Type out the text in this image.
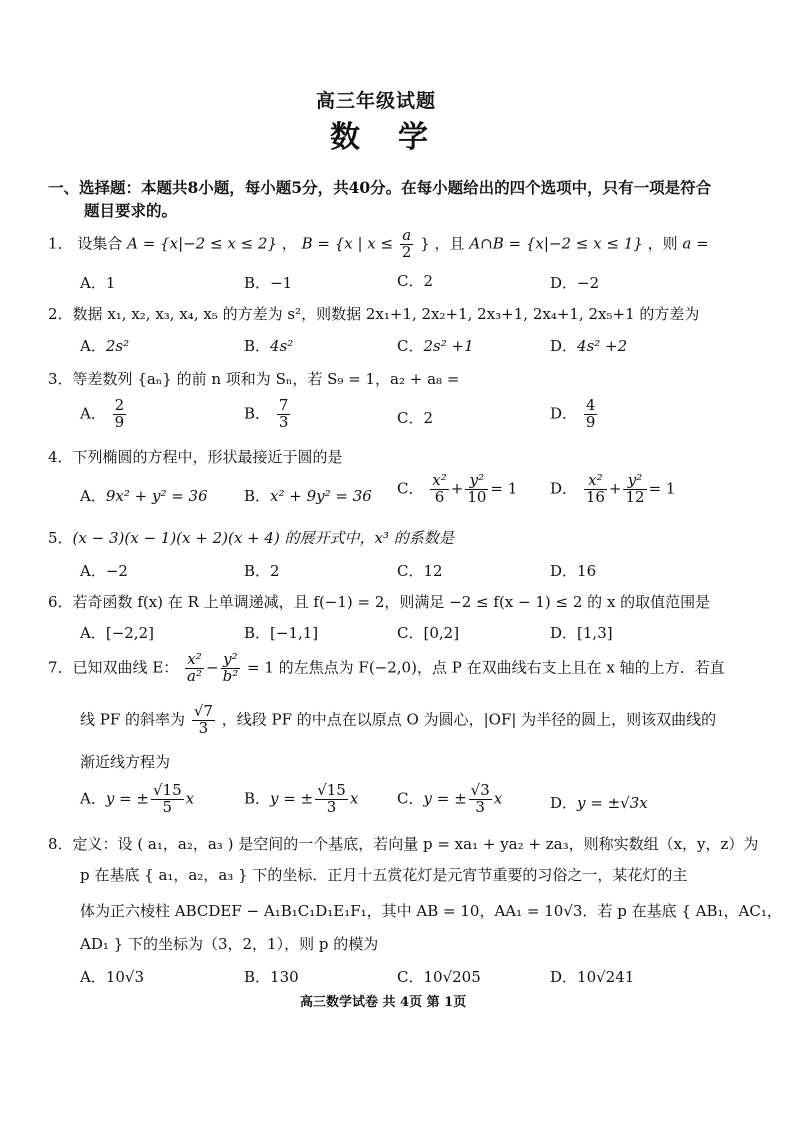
高三年级试题
数　学
一、选择题：本题共8小题，每小题5分，共40分。在每小题给出的四个选项中，只有一项是符合
题目要求的。
1． 设集合 A = {x|−2 ≤ x ≤ 2} ， B = {x | $x \le \frac{a}{2}$ } ，且 A∩B = {x|−2 ≤ x ≤ 1} ，则 a =
A．1	B．−1	C．2	D．−2
2．数据 x₁, x₂, x₃, x₄, x₅ 的方差为 s²，则数据 2x₁+1, 2x₂+1, 2x₃+1, 2x₄+1, 2x₅+1 的方差为
A．2s²	B．4s²	C．2s² +1	D．4s² +2
3．等差数列 {aₙ} 的前 n 项和为 Sₙ，若 S₉ = 1，a₂ + a₈ =
A． $\frac{2}{9}$	B． $\frac{7}{3}$	C．2	D． $\frac{4}{9}$
4．下列椭圆的方程中，形状最接近于圆的是
A．9x² + y² = 36 B．x² + 9y² = 36 C． $\frac{\text{x²}}{6} + \frac{\text{y²}}{10} = 1$ D． $\frac{\text{x²}}{16} + \frac{\text{y²}}{12} = 1$
5．(x − 3)(x − 1)(x + 2)(x + 4) 的展开式中，x³ 的系数是
A．−2	B．2	C．12	D．16
6．若奇函数 f(x) 在 R 上单调递减，且 f(−1) = 2，则满足 −2 ≤ f(x − 1) ≤ 2 的 x 的取值范围是
A．[−2,2]	B．[−1,1]	C．[0,2]	D．[1,3]
7．已知双曲线 E： $\frac{\text{x²}}{\text{a²}} - \frac{\text{y²}}{\text{b²}} = 1$ 的左焦点为 F(−2,0)，点 P 在双曲线右支上且在 x 轴的上方．若直
线 PF 的斜率为 $\frac{√7}{3}$ ，线段 PF 的中点在以原点 O 为圆心，|OF| 为半径的圆上，则该双曲线的
渐近线方程为
A．y = ± $\frac{√15}{5}$ x	B．y = ± $\frac{√15}{3}$ x	C．y = ± $\frac{√3}{3}$ x	D．y = ±√3x
8．定义：设 ( a₁，a₂，a₃ ) 是空间的一个基底，若向量 p = xa₁ + ya₂ + za₃，则称实数组（x，y，z）为
p 在基底 { a₁，a₂，a₃ } 下的坐标．正月十五赏花灯是元宵节重要的习俗之一，某花灯的主
体为正六棱柱 ABCDEF − A₁B₁C₁D₁E₁F₁，其中 AB = 10，AA₁ = 10√3．若 p 在基底 { AB₁，AC₁，
AD₁ } 下的坐标为（3，2，1），则 p 的模为
A．10√3	B．130	C．10√205	D．10√241
高三数学试卷 共 4页 第 1页
